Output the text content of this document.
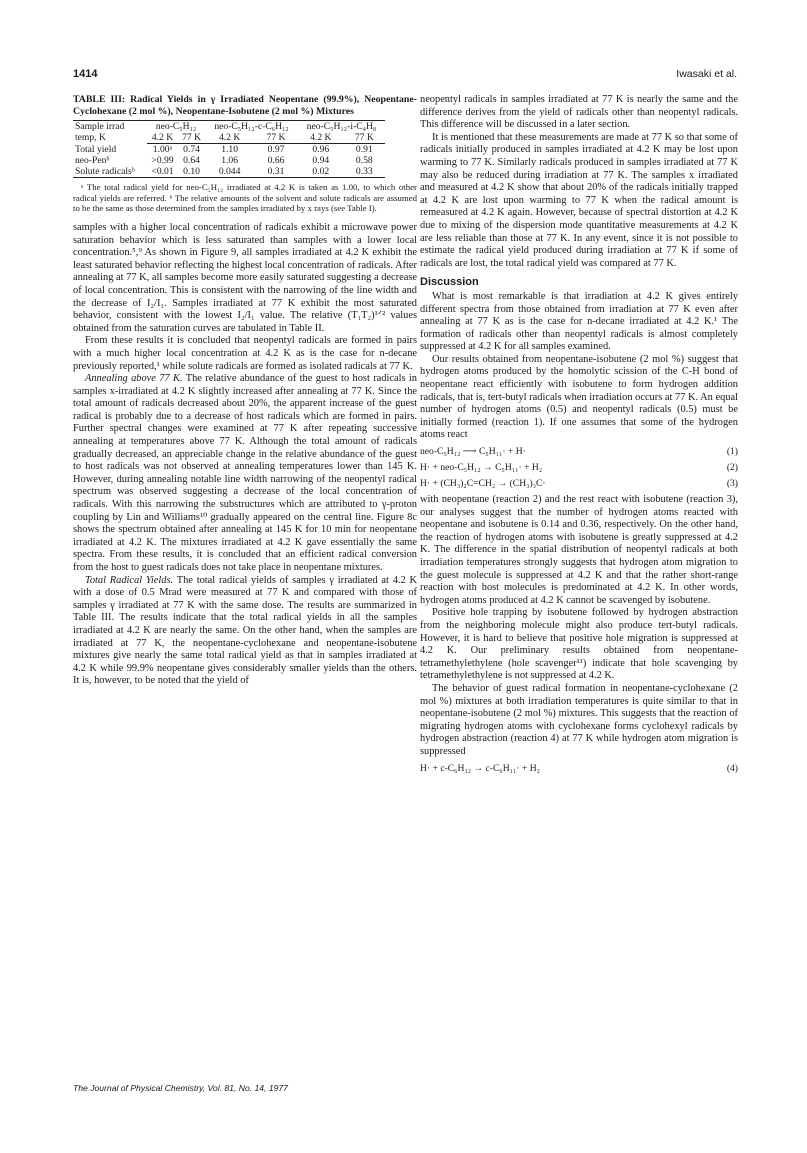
1414	Iwasaki et al.
TABLE III: Radical Yields in γ Irradiated Neopentane (99.9%), Neopentane-Cyclohexane (2 mol %), Neopentane-Isobutene (2 mol %) Mixtures
Sample irrad temp, K	neo-C₅H₁₂		neo-C₅H₁₂-c-C₆H₁₂		neo-C₅H₁₂-i-C₄H₈	
	4.2 K	77 K	4.2 K	77 K	4.2 K	77 K
Total yield	1.00ᵃ	0.74	1.10	0.97	0.96	0.91
neo-Penᵇ	>0.99	0.64	1.06	0.66	0.94	0.58
Solute radicalsᵇ	<0.01	0.10	0.044	0.31	0.02	0.33
ᵃ The total radical yield for neo-C₅H₁₂ irradiated at 4.2 K is taken as 1.00, to which other radical yields are referred. ᵇ The relative amounts of the solvent and solute radicals are assumed to be the same as those determined from the samples irradiated by x rays (see Table I).

samples with a higher local concentration of radicals exhibit a microwave power saturation behavior which is less saturated than samples with a lower local concentration.⁵,⁹ As shown in Figure 9, all samples irradiated at 4.2 K exhibit the least saturated behavior reflecting the highest local concentration of radicals. After annealing at 77 K, all samples become more easily saturated suggesting a decrease of local concentration. This is consistent with the narrowing of the line width and the decrease of I₂/I₁. Samples irradiated at 77 K exhibit the most saturated behavior, consistent with the lowest I₂/I₁ value. The relative (T₁T₂)¹ᐟ² values obtained from the saturation curves are tabulated in Table II.

From these results it is concluded that neopentyl radicals are formed in pairs with a much higher local concentration at 4.2 K as is the case for n-decane previously reported,¹ while solute radicals are formed as isolated radicals at 77 K.

Annealing above 77 K. The relative abundance of the guest to host radicals in samples x-irradiated at 4.2 K slightly increased after annealing at 77 K. Since the total amount of radicals decreased about 20%, the apparent increase of the guest radical is probably due to a decrease of host radicals which are formed in pairs. Further spectral changes were examined at 77 K after repeating successive annealing at temperatures above 77 K. Although the total amount of radicals gradually decreased, an appreciable change in the relative abundance of the guest to host radicals was not observed at annealing temperatures lower than 145 K. However, during annealing notable line width narrowing of the neopentyl radical spectrum was observed suggesting a decrease of the local concentration of radicals. With this narrowing the substructures which are attributed to γ-proton coupling by Lin and Williams¹⁰ gradually appeared on the central line. Figure 8c shows the spectrum obtained after annealing at 145 K for 10 min for neopentane irradiated at 4.2 K. The mixtures irradiated at 4.2 K gave essentially the same spectra. From these results, it is concluded that an efficient radical conversion from the host to guest radicals does not take place in neopentane mixtures.

Total Radical Yields. The total radical yields of samples γ irradiated at 4.2 K with a dose of 0.5 Mrad were measured at 77 K and compared with those of samples γ irradiated at 77 K with the same dose. The results are summarized in Table III. The results indicate that the total radical yields in all the samples irradiated at 4.2 K are nearly the same. On the other hand, when the samples are irradiated at 77 K, the neopentane-cyclohexane and neopentane-isobutene mixtures give nearly the same total radical yield as that in samples irradiated at 4.2 K while 99.9% neopentane gives considerably smaller yields than the others. It is, however, to be noted that the yield of

neopentyl radicals in samples irradiated at 77 K is nearly the same and the difference derives from the yield of radicals other than neopentyl radicals. This difference will be discussed in a later section.

It is mentioned that these measurements are made at 77 K so that some of radicals initially produced in samples irradiated at 4.2 K may be lost upon warming to 77 K. Similarly radicals produced in samples irradiated at 77 K may also be reduced during irradiation at 77 K. The samples x irradiated and measured at 4.2 K show that about 20% of the radicals initially trapped at 4.2 K are lost upon warming to 77 K when the radical amount is remeasured at 4.2 K again. However, because of spectral distortion at 4.2 K due to mixing of the dispersion mode quantitative measurements at 4.2 K are less reliable than those at 77 K. In any event, since it is not possible to estimate the radical yield produced during irradiation at 77 K if some of radicals are lost, the total radical yield was compared at 77 K.

Discussion

What is most remarkable is that irradiation at 4.2 K gives entirely different spectra from those obtained from irradiation at 77 K even after annealing at 77 K as is the case for n-decane irradiated at 4.2 K.¹ The formation of radicals other than neopentyl radicals is almost completely suppressed at 4.2 K for all samples examined.

Our results obtained from neopentane-isobutene (2 mol %) suggest that hydrogen atoms produced by the homolytic scission of the C-H bond of neopentane react efficiently with isobutene to form hydrogen addition radicals, that is, tert-butyl radicals when irradiation occurs at 77 K. An equal number of hydrogen atoms (0.5) and neopentyl radicals (0.5) must be initially formed (reaction 1). If one assumes that some of the hydrogen atoms react

neo-C₅H₁₂ ⟶ C₅H₁₁· + H·	(1)
H· + neo-C₅H₁₂ → C₅H₁₁· + H₂	(2)
H· + (CH₃)₂C=CH₂ → (CH₃)₃C·	(3)

with neopentane (reaction 2) and the rest react with isobutene (reaction 3), our analyses suggest that the number of hydrogen atoms reacted with neopentane and isobutene is 0.14 and 0.36, respectively. On the other hand, the reaction of hydrogen atoms with isobutene is greatly suppressed at 4.2 K. The difference in the spatial distribution of neopentyl radicals at both irradiation temperatures strongly suggests that hydrogen atom migration to the guest molecule is suppressed at 4.2 K and that the rather short-range reaction with host molecules is predominated at 4.2 K. In other words, hydrogen atoms produced at 4.2 K cannot be scavenged by isobutene.

Positive hole trapping by isobutene followed by hydrogen abstraction from the neighboring molecule might also produce tert-butyl radicals. However, it is hard to believe that positive hole migration is suppressed at 4.2 K. Our preliminary results obtained from neopentane-tetramethylethylene (hole scavenger¹¹) indicate that hole scavenging by tetramethylethylene is not suppressed at 4.2 K.

The behavior of guest radical formation in neopentane-cyclohexane (2 mol %) mixtures at both irradiation temperatures is quite similar to that in neopentane-isobutene (2 mol %) mixtures. This suggests that the reaction of migrating hydrogen atoms with cyclohexane forms cyclohexyl radicals by hydrogen abstraction (reaction 4) at 77 K while hydrogen atom migration is suppressed

H· + c-C₆H₁₂ → c-C₆H₁₁· + H₂	(4)
The Journal of Physical Chemistry, Vol. 81, No. 14, 1977
